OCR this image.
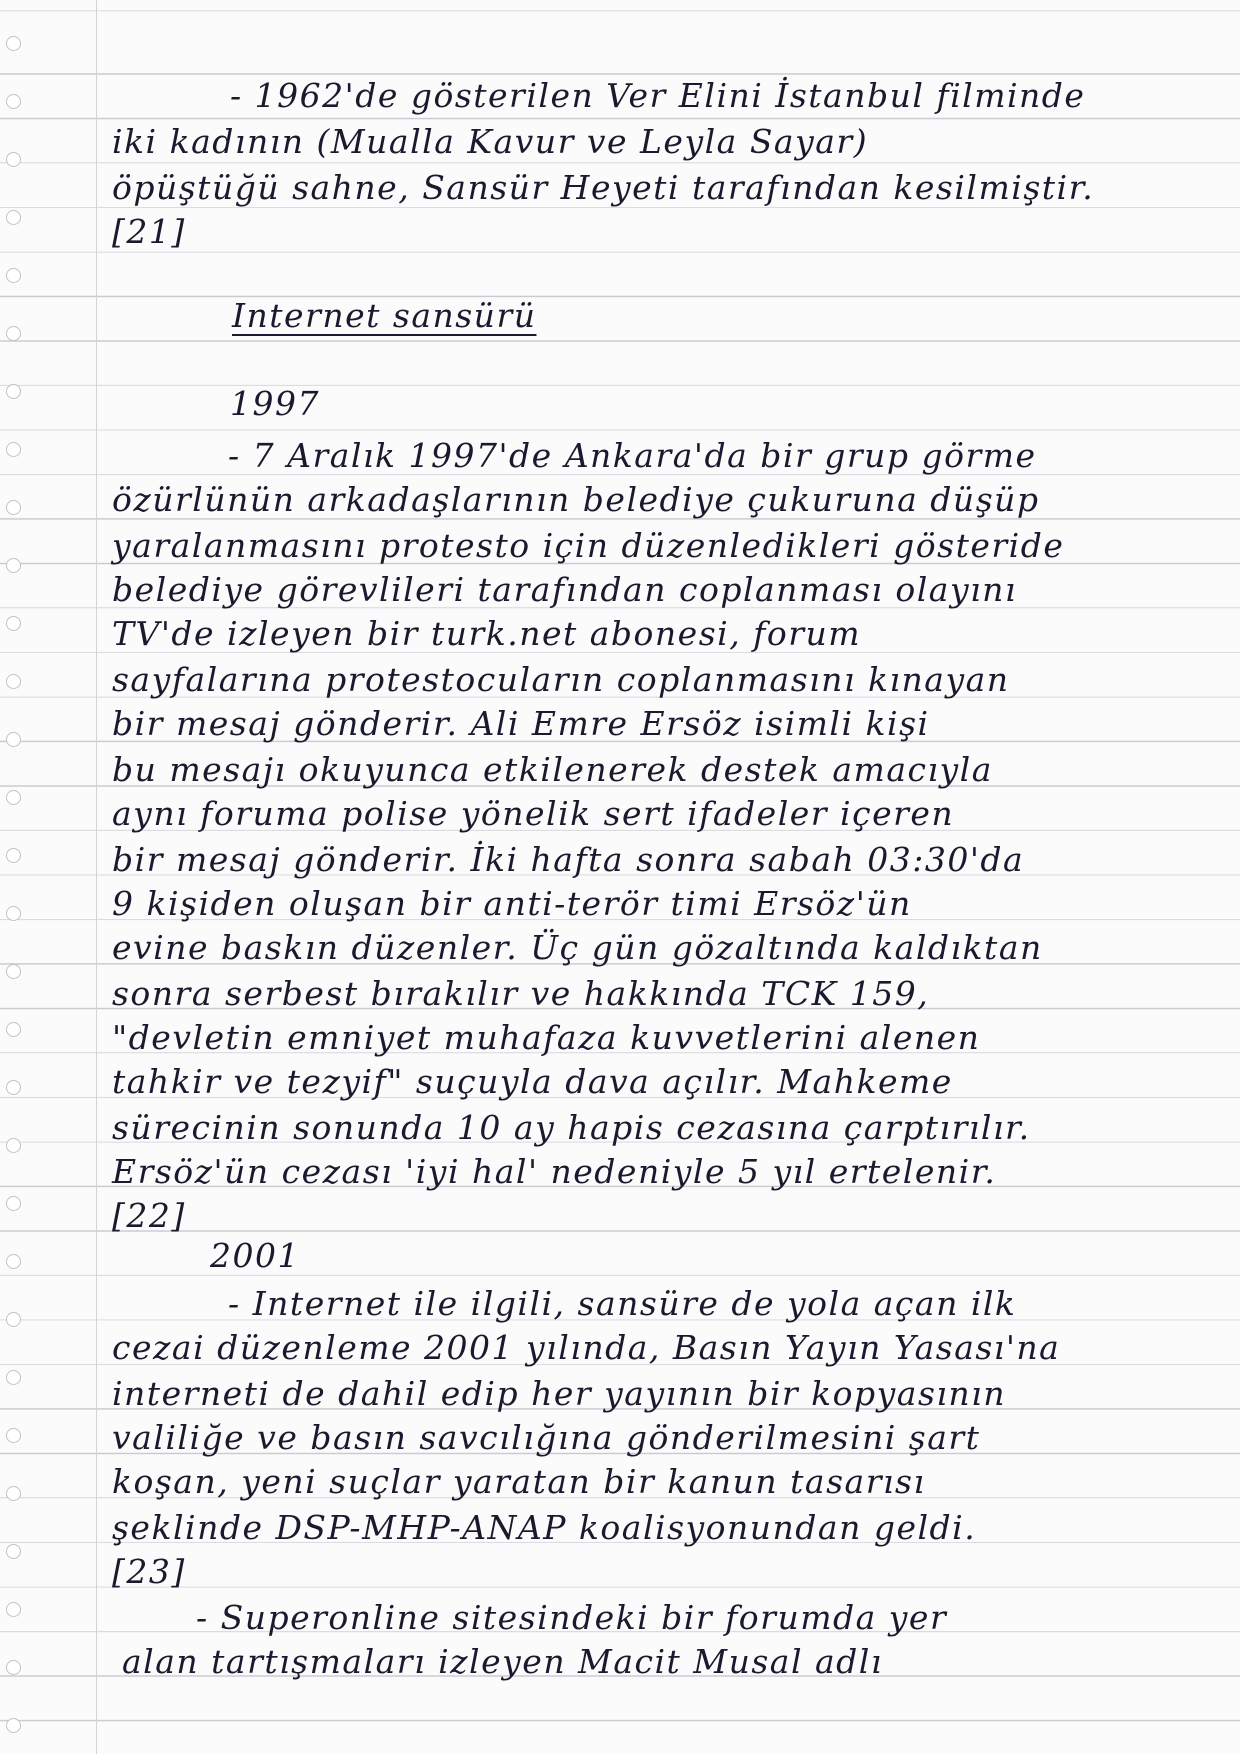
- 1962'de gösterilen Ver Elini İstanbul filminde

iki kadının (Mualla Kavur ve Leyla Sayar)

öpüştüğü sahne, Sansür Heyeti tarafından kesilmiştir.

[21]

Internet sansürü

1997

- 7 Aralık 1997'de Ankara'da bir grup görme

özürlünün arkadaşlarının belediye çukuruna düşüp

yaralanmasını protesto için düzenledikleri gösteride

belediye görevlileri tarafından coplanması olayını

TV'de izleyen bir turk.net abonesi, forum

sayfalarına protestocuların coplanmasını kınayan

bir mesaj gönderir. Ali Emre Ersöz isimli kişi

bu mesajı okuyunca etkilenerek destek amacıyla

aynı foruma polise yönelik sert ifadeler içeren

bir mesaj gönderir. İki hafta sonra sabah 03:30'da

9 kişiden oluşan bir anti-terör timi Ersöz'ün

evine baskın düzenler. Üç gün gözaltında kaldıktan

sonra serbest bırakılır ve hakkında TCK 159,

"devletin emniyet muhafaza kuvvetlerini alenen

tahkir ve tezyif" suçuyla dava açılır. Mahkeme

sürecinin sonunda 10 ay hapis cezasına çarptırılır.

Ersöz'ün cezası 'iyi hal' nedeniyle 5 yıl ertelenir.

[22]

2001

- Internet ile ilgili, sansüre de yola açan ilk

cezai düzenleme 2001 yılında, Basın Yayın Yasası'na

interneti de dahil edip her yayının bir kopyasının

valiliğe ve basın savcılığına gönderilmesini şart

koşan, yeni suçlar yaratan bir kanun tasarısı

şeklinde DSP-MHP-ANAP koalisyonundan geldi.

[23]

- Superonline sitesindeki bir forumda yer

alan tartışmaları izleyen Macit Musal adlı
